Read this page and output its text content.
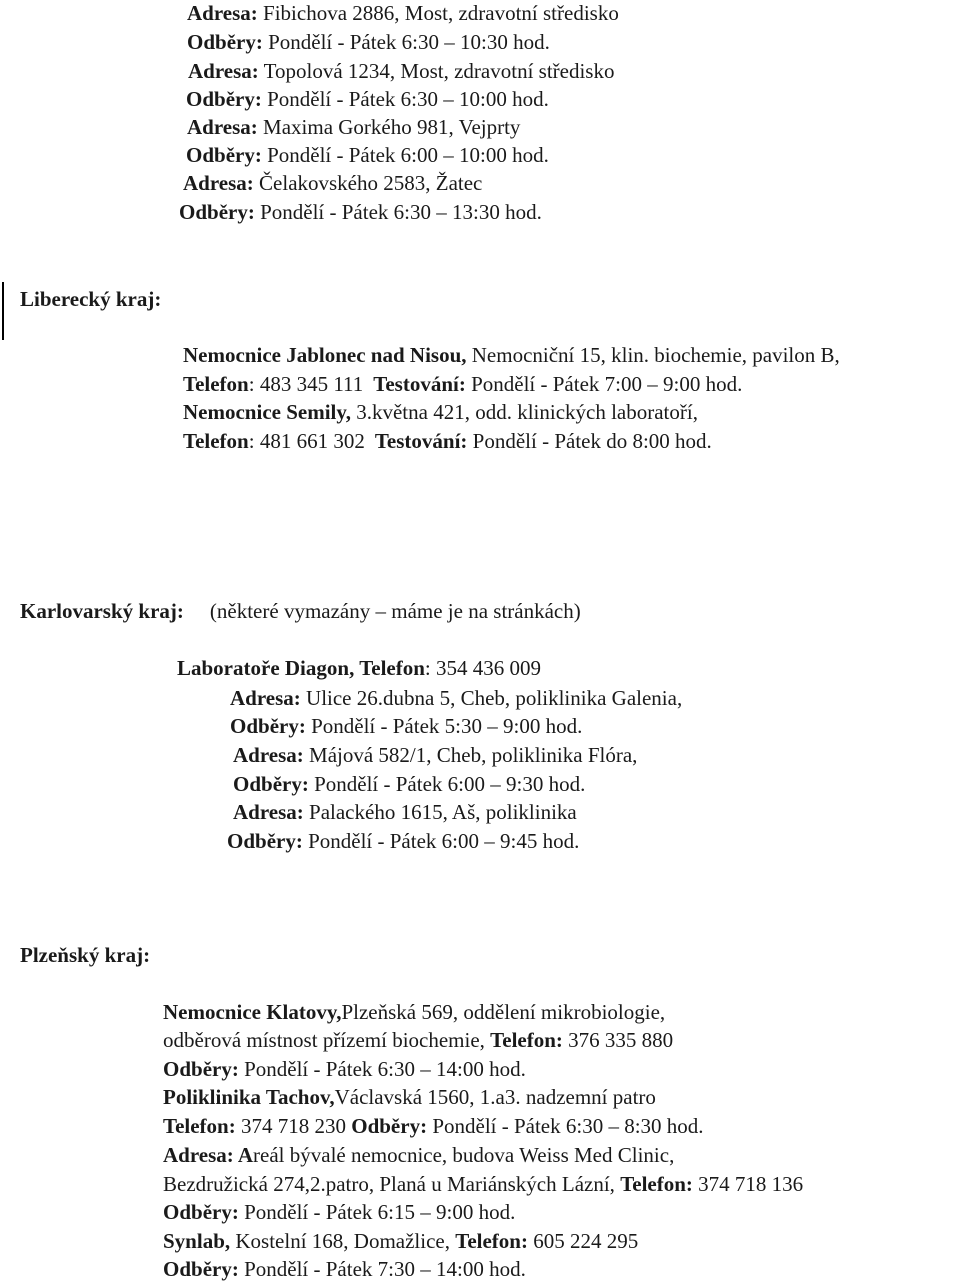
Adresa: Fibichova 2886, Most, zdravotní středisko
Odběry: Pondělí - Pátek 6:30 – 10:30 hod.
Adresa: Topolová 1234, Most, zdravotní středisko
Odběry: Pondělí - Pátek 6:30 – 10:00 hod.
Adresa: Maxima Gorkého 981, Vejprty
Odběry: Pondělí - Pátek 6:00 – 10:00 hod.
Adresa: Čelakovského 2583, Žatec
Odběry: Pondělí - Pátek 6:30 – 13:30 hod.
Liberecký kraj:
Nemocnice Jablonec nad Nisou, Nemocniční 15, klin. biochemie, pavilon B,
Telefon: 483 345 111 Testování: Pondělí - Pátek 7:00 – 9:00 hod.
Nemocnice Semily, 3.května 421, odd. klinických laboratoří,
Telefon: 481 661 302 Testování: Pondělí - Pátek do 8:00 hod.
Karlovarský kraj: (některé vymazány – máme je na stránkách)
Laboratoře Diagon, Telefon: 354 436 009
Adresa: Ulice 26.dubna 5, Cheb, poliklinika Galenia,
Odběry: Pondělí - Pátek 5:30 – 9:00 hod.
Adresa: Májová 582/1, Cheb, poliklinika Flóra,
Odběry: Pondělí - Pátek 6:00 – 9:30 hod.
Adresa: Palackého 1615, Aš, poliklinika
Odběry: Pondělí - Pátek 6:00 – 9:45 hod.
Plzeňský kraj:
Nemocnice Klatovy,Plzeňská 569, oddělení mikrobiologie,
odběrová místnost přízemí biochemie, Telefon: 376 335 880
Odběry: Pondělí - Pátek 6:30 – 14:00 hod.
Poliklinika Tachov,Václavská 1560, 1.a3. nadzemní patro
Telefon: 374 718 230 Odběry: Pondělí - Pátek 6:30 – 8:30 hod.
Adresa: Areál bývalé nemocnice, budova Weiss Med Clinic,
Bezdružická 274,2.patro, Planá u Mariánských Lázní, Telefon: 374 718 136
Odběry: Pondělí - Pátek 6:15 – 9:00 hod.
Synlab, Kostelní 168, Domažlice, Telefon: 605 224 295
Odběry: Pondělí - Pátek 7:30 – 14:00 hod.
